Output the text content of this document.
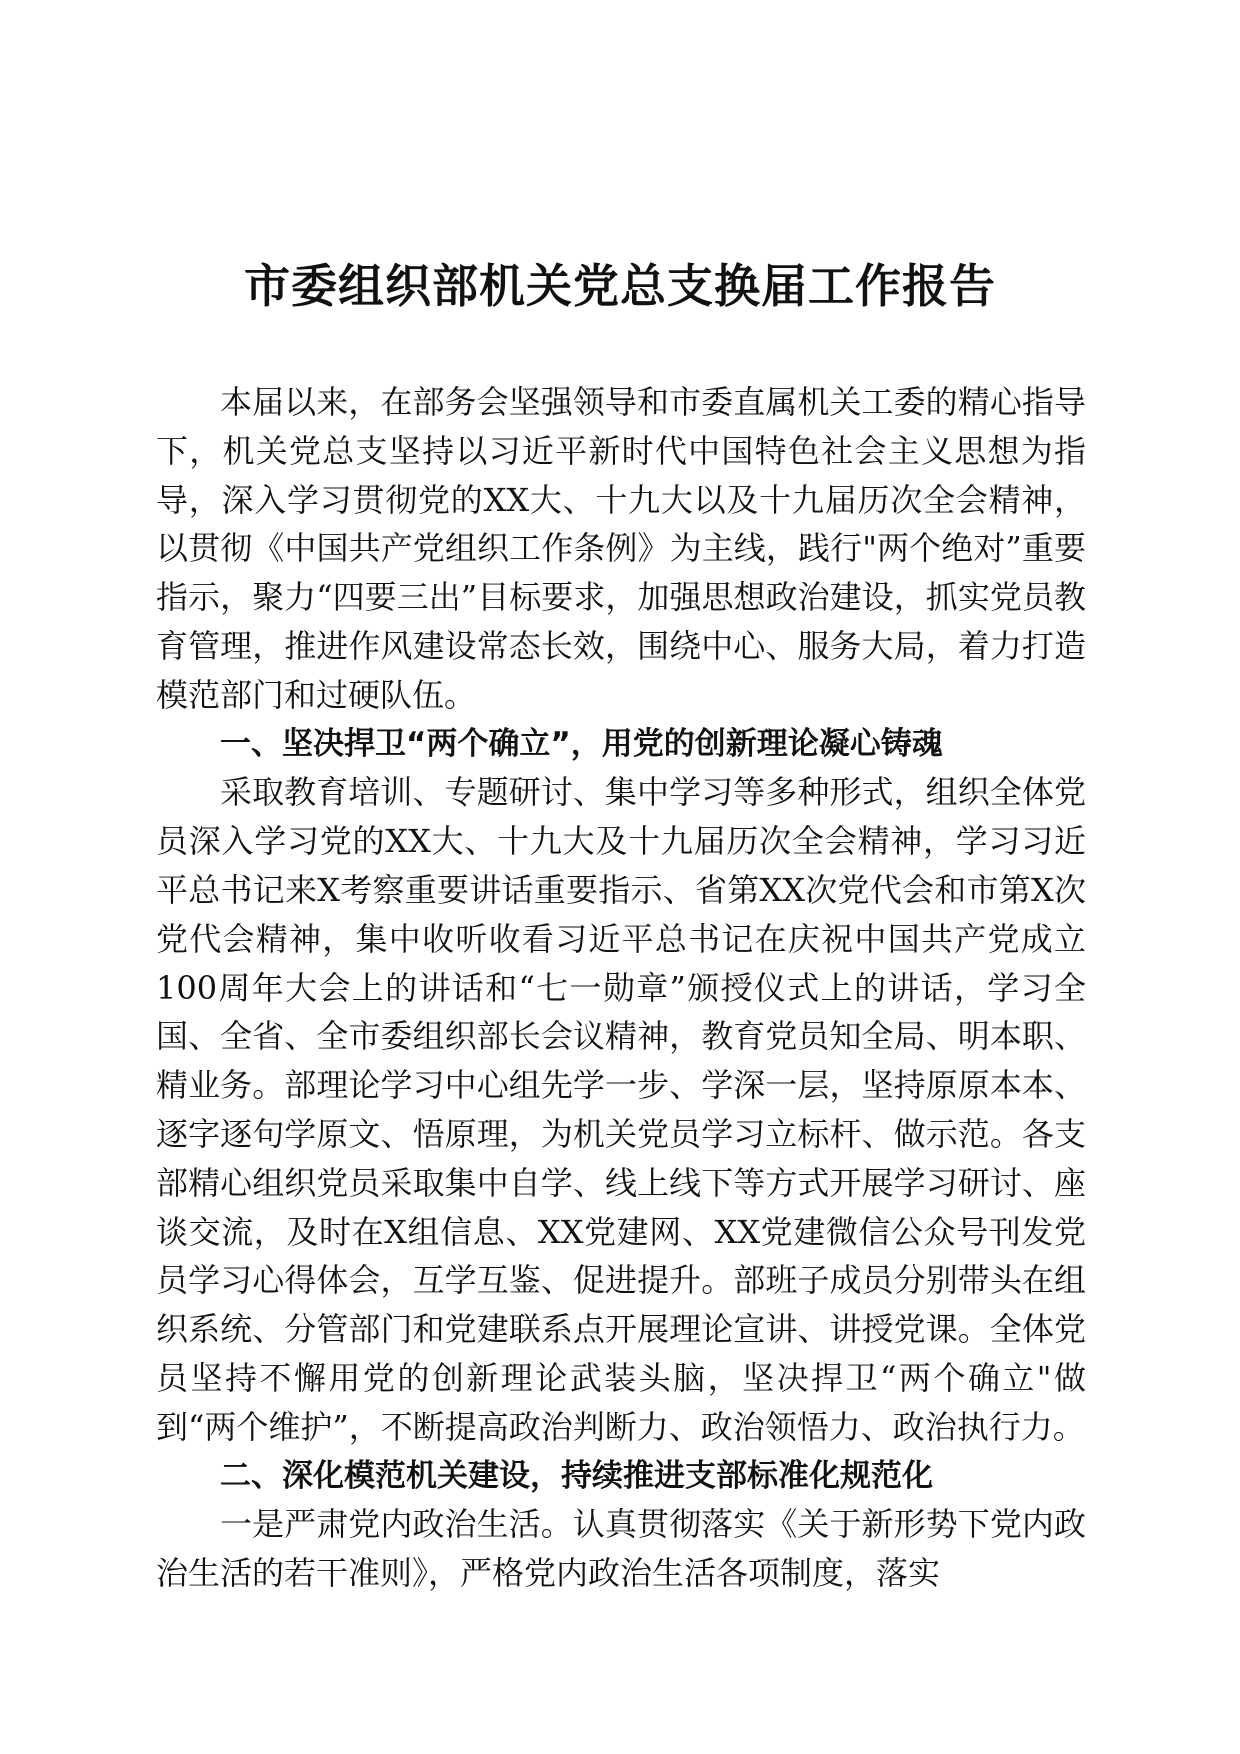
市委组织部机关党总支换届工作报告

本届以来，在部务会坚强领导和市委直属机关工委的精心指导下，机关党总支坚持以习近平新时代中国特色社会主义思想为指导，深入学习贯彻党的XX大、十九大以及十九届历次全会精神，以贯彻《中国共产党组织工作条例》为主线，践行"两个绝对”重要指示，聚力“四要三出”目标要求，加强思想政治建设，抓实党员教育管理，推进作风建设常态长效，围绕中心、服务大局，着力打造模范部门和过硬队伍。

一、坚决捍卫“两个确立”，用党的创新理论凝心铸魂

采取教育培训、专题研讨、集中学习等多种形式，组织全体党员深入学习党的XX大、十九大及十九届历次全会精神，学习习近平总书记来X考察重要讲话重要指示、省第XX次党代会和市第X次党代会精神，集中收听收看习近平总书记在庆祝中国共产党成立100周年大会上的讲话和“七一勋章”颁授仪式上的讲话，学习全国、全省、全市委组织部长会议精神，教育党员知全局、明本职、精业务。部理论学习中心组先学一步、学深一层，坚持原原本本、逐字逐句学原文、悟原理，为机关党员学习立标杆、做示范。各支部精心组织党员采取集中自学、线上线下等方式开展学习研讨、座谈交流，及时在X组信息、XX党建网、XX党建微信公众号刊发党员学习心得体会，互学互鉴、促进提升。部班子成员分别带头在组织系统、分管部门和党建联系点开展理论宣讲、讲授党课。全体党员坚持不懈用党的创新理论武装头脑，坚决捍卫“两个确立"做到“两个维护”，不断提高政治判断力、政治领悟力、政治执行力。

二、深化模范机关建设，持续推进支部标准化规范化

一是严肃党内政治生活。认真贯彻落实《关于新形势下党内政治生活的若干准则》，严格党内政治生活各项制度，落实
